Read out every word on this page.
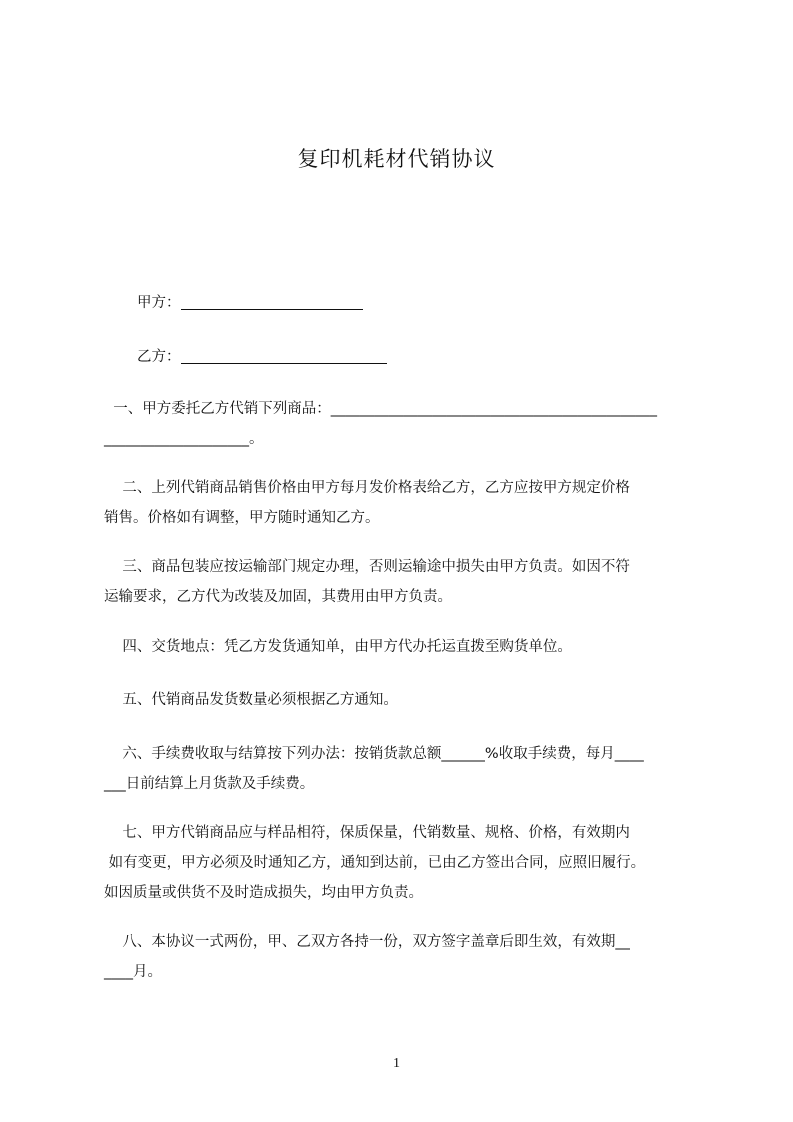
复印机耗材代销协议
甲方：
乙方：
一、甲方委托乙方代销下列商品：_____________________________________________
____________________。
二、上列代销商品销售价格由甲方每月发价格表给乙方，乙方应按甲方规定价格
销售。价格如有调整，甲方随时通知乙方。
三、商品包装应按运输部门规定办理，否则运输途中损失由甲方负责。如因不符
运输要求，乙方代为改装及加固，其费用由甲方负责。
四、交货地点：凭乙方发货通知单，由甲方代办托运直拨至购货单位。
五、代销商品发货数量必须根据乙方通知。
六、手续费收取与结算按下列办法：按销货款总额______%收取手续费，每月____
___日前结算上月货款及手续费。
七、甲方代销商品应与样品相符，保质保量，代销数量、规格、价格，有效期内
如有变更，甲方必须及时通知乙方，通知到达前，已由乙方签出合同，应照旧履行。
如因质量或供货不及时造成损失，均由甲方负责。
八、本协议一式两份，甲、乙双方各持一份，双方签字盖章后即生效，有效期__
____月。
1
